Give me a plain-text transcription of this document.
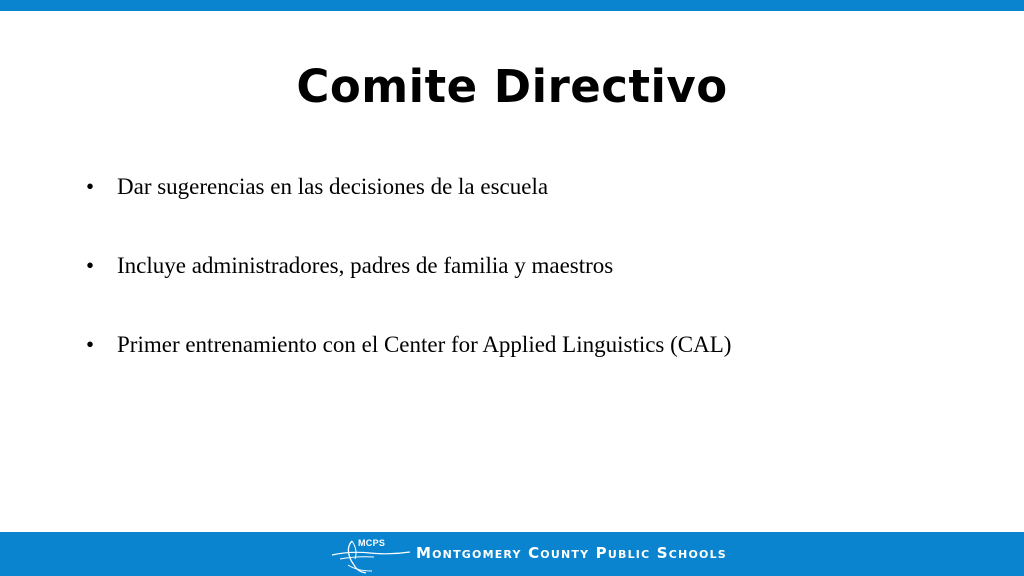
Comite Directivo
• Dar sugerencias en las decisiones de la escuela
• Incluye administradores, padres de familia y maestros
• Primer entrenamiento con el Center for Applied Linguistics (CAL)
MCPS
Montgomery County Public Schools
